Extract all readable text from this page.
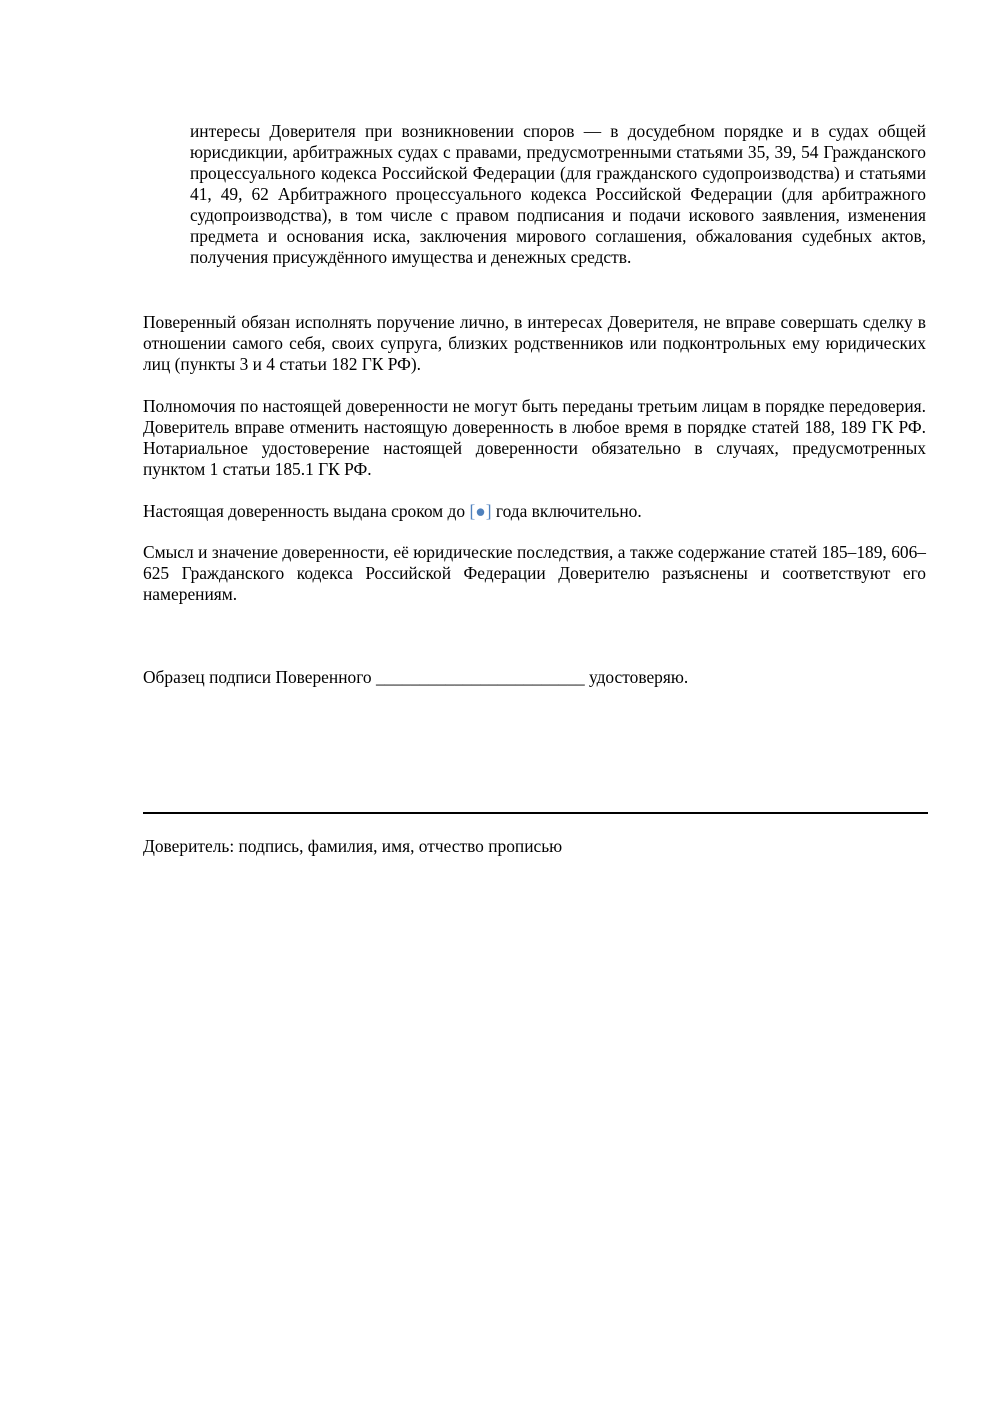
интересы Доверителя при возникновении споров — в досудебном порядке и в судах общей юрисдикции, арбитражных судах с правами, предусмотренными статьями 35, 39, 54 Гражданского процессуального кодекса Российской Федерации (для гражданского судопроизводства) и статьями 41, 49, 62 Арбитражного процессуального кодекса Российской Федерации (для арбитражного судопроизводства), в том числе с правом подписания и подачи искового заявления, изменения предмета и основания иска, заключения мирового соглашения, обжалования судебных актов, получения присуждённого имущества и денежных средств.

Поверенный обязан исполнять поручение лично, в интересах Доверителя, не вправе совершать сделку в отношении самого себя, своих супруга, близких родственников или подконтрольных ему юридических лиц (пункты 3 и 4 статьи 182 ГК РФ).

Полномочия по настоящей доверенности не могут быть переданы третьим лицам в порядке передоверия. Доверитель вправе отменить настоящую доверенность в любое время в порядке статей 188, 189 ГК РФ. Нотариальное удостоверение настоящей доверенности обязательно в случаях, предусмотренных пунктом 1 статьи 185.1 ГК РФ.

Настоящая доверенность выдана сроком до [●] года включительно.

Смысл и значение доверенности, её юридические последствия, а также содержание статей 185–189, 606–625 Гражданского кодекса Российской Федерации Доверителю разъяснены и соответствуют его намерениям.

Образец подписи Поверенного ________________________ удостоверяю.
Доверитель: подпись, фамилия, имя, отчество прописью
